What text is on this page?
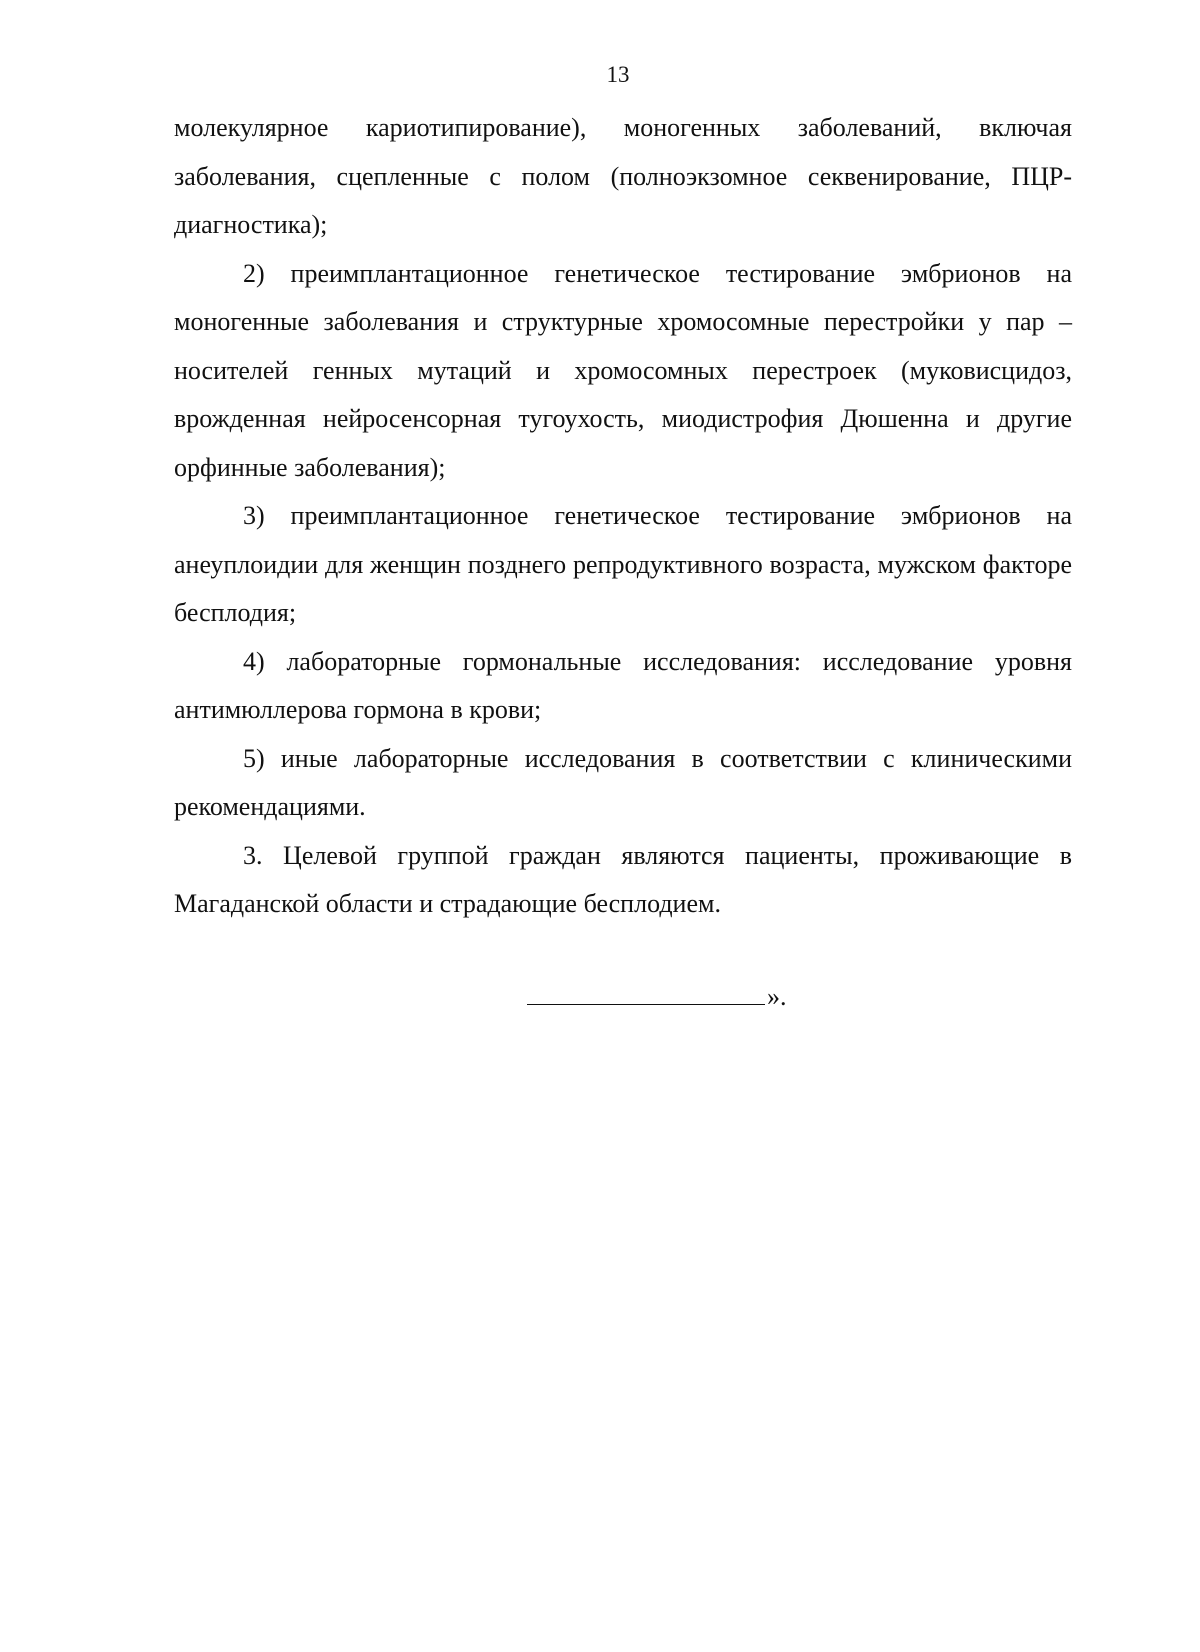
13

молекулярное кариотипирование), моногенных заболеваний, включая заболевания, сцепленные с полом (полноэкзомное секвенирование, ПЦР-диагностика);

2) преимплантационное генетическое тестирование эмбрионов на моногенные заболевания и структурные хромосомные перестройки у пар – носителей генных мутаций и хромосомных перестроек (муковисцидоз, врожденная нейросенсорная тугоухость, миодистрофия Дюшенна и другие орфинные заболевания);

3) преимплантационное генетическое тестирование эмбрионов на анеуплоидии для женщин позднего репродуктивного возраста, мужском факторе бесплодия;

4) лабораторные гормональные исследования: исследование уровня антимюллерова гормона в крови;

5) иные лабораторные исследования в соответствии с клиническими рекомендациями.

3. Целевой группой граждан являются пациенты, проживающие в Магаданской области и страдающие бесплодием.

».
